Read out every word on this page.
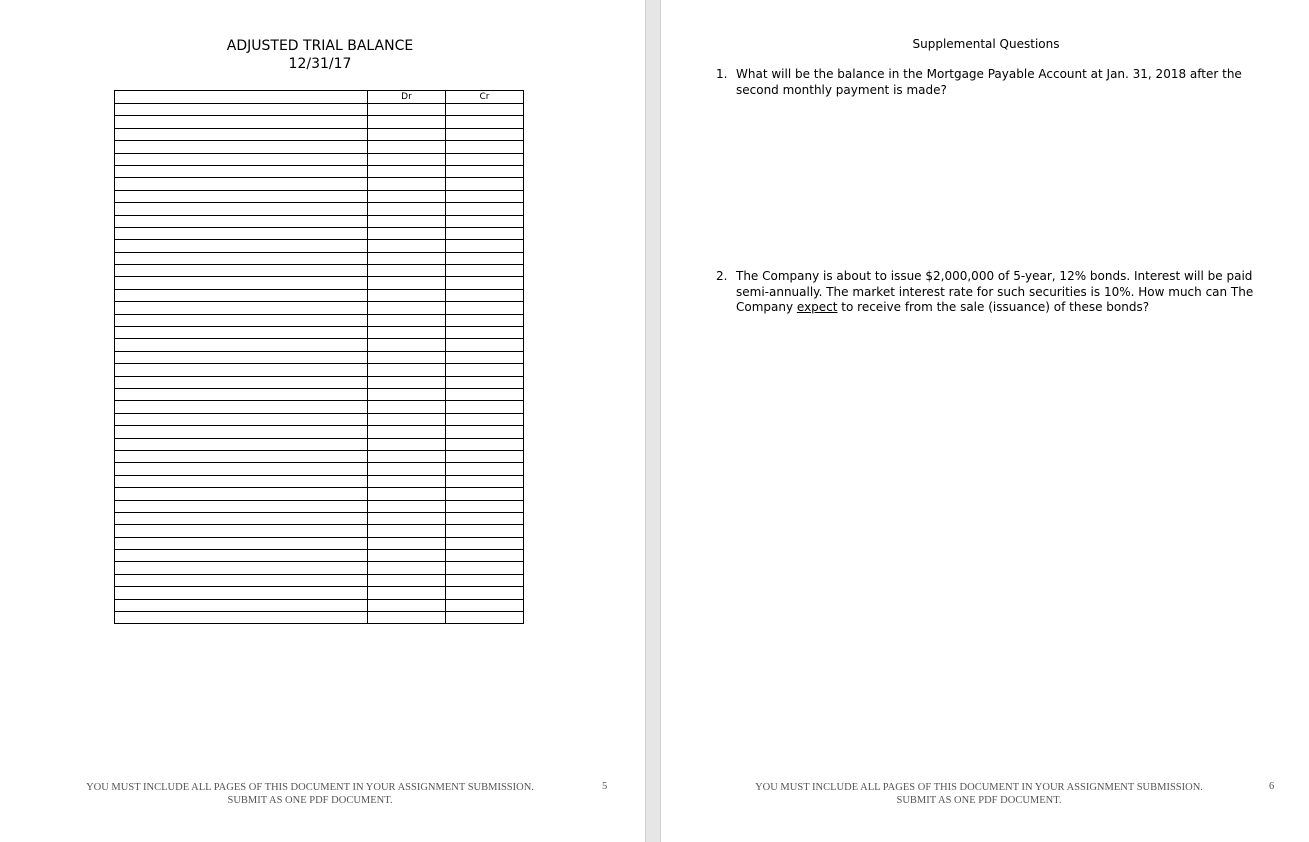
ADJUSTED TRIAL BALANCE
12/31/17
	Dr	Cr

YOU MUST INCLUDE ALL PAGES OF THIS DOCUMENT IN YOUR ASSIGNMENT SUBMISSION.
SUBMIT AS ONE PDF DOCUMENT.
5
Supplemental Questions
1. What will be the balance in the Mortgage Payable Account at Jan. 31, 2018 after the second monthly payment is made?
2. The Company is about to issue $2,000,000 of 5-year, 12% bonds. Interest will be paid semi-annually. The market interest rate for such securities is 10%. How much can The Company expect to receive from the sale (issuance) of these bonds?
YOU MUST INCLUDE ALL PAGES OF THIS DOCUMENT IN YOUR ASSIGNMENT SUBMISSION.
SUBMIT AS ONE PDF DOCUMENT.
6
